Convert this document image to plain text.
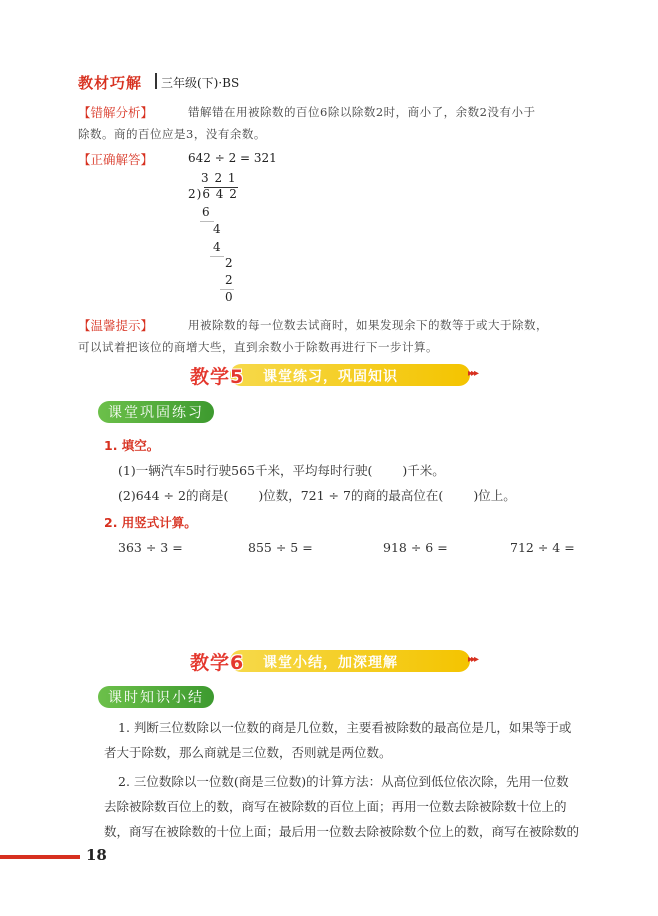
教材巧解 三年级(下)·BS
【错解分析】	错解错在用被除数的百位6除以除数2时，商小了，余数2没有小于
除数。商的百位应是3，没有余数。
【正确解答】	642 ÷ 2 = 321
3 2 1
2)6 4 2
6
4
4
2
2
0
【温馨提示】	用被除数的每一位数去试商时，如果发现余下的数等于或大于除数，
可以试着把该位的商增大些，直到余数小于除数再进行下一步计算。
教学5 课堂练习，巩固知识	▸▸▸
课堂巩固练习
1. 填空。
(1)一辆汽车5时行驶565千米，平均每时行驶( )千米。
(2)644 ÷ 2的商是( )位数，721 ÷ 7的商的最高位在( )位上。
2. 用竖式计算。
363 ÷ 3 =	855 ÷ 5 =	918 ÷ 6 =	712 ÷ 4 =
教学6 课堂小结，加深理解	▸▸▸
课时知识小结
1. 判断三位数除以一位数的商是几位数，主要看被除数的最高位是几，如果等于或
者大于除数，那么商就是三位数，否则就是两位数。
2. 三位数除以一位数(商是三位数)的计算方法：从高位到低位依次除，先用一位数
去除被除数百位上的数，商写在被除数的百位上面；再用一位数去除被除数十位上的
数，商写在被除数的十位上面；最后用一位数去除被除数个位上的数，商写在被除数的
18
